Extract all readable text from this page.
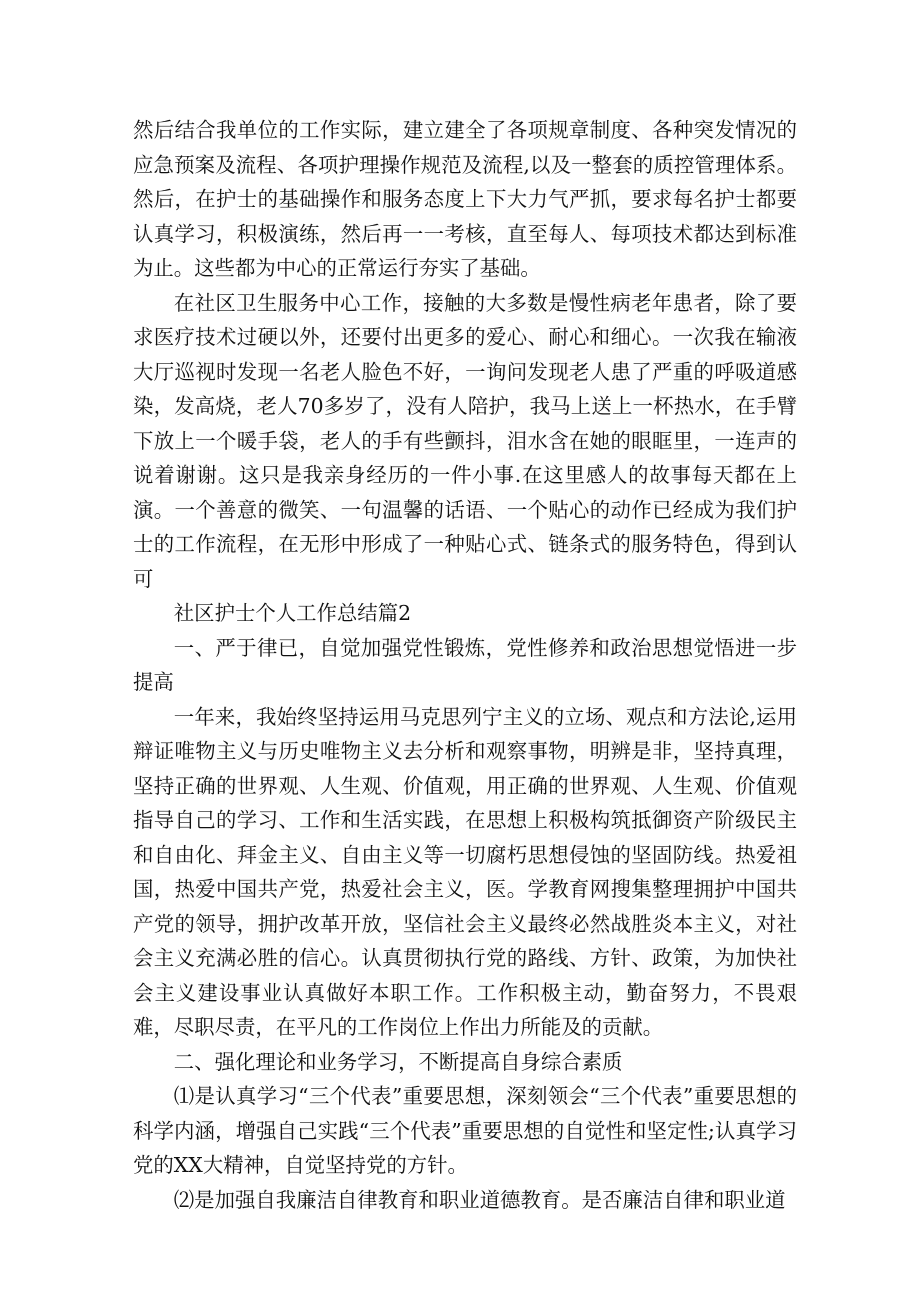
然后结合我单位的工作实际，建立建全了各项规章制度、各种突发情况的应急预案及流程、各项护理操作规范及流程,以及一整套的质控管理体系。然后，在护士的基础操作和服务态度上下大力气严抓，要求每名护士都要认真学习，积极演练，然后再一一考核，直至每人、每项技术都达到标准为止。这些都为中心的正常运行夯实了基础。

在社区卫生服务中心工作，接触的大多数是慢性病老年患者，除了要求医疗技术过硬以外，还要付出更多的爱心、耐心和细心。一次我在输液大厅巡视时发现一名老人脸色不好，一询问发现老人患了严重的呼吸道感染，发高烧，老人70多岁了，没有人陪护，我马上送上一杯热水，在手臂下放上一个暖手袋，老人的手有些颤抖，泪水含在她的眼眶里，一连声的说着谢谢。这只是我亲身经历的一件小事.在这里感人的故事每天都在上演。一个善意的微笑、一句温馨的话语、一个贴心的动作已经成为我们护士的工作流程，在无形中形成了一种贴心式、链条式的服务特色，得到认可

社区护士个人工作总结篇2

一、严于律已，自觉加强党性锻炼，党性修养和政治思想觉悟进一步提高

一年来，我始终坚持运用马克思列宁主义的立场、观点和方法论,运用辩证唯物主义与历史唯物主义去分析和观察事物，明辨是非，坚持真理，坚持正确的世界观、人生观、价值观，用正确的世界观、人生观、价值观指导自己的学习、工作和生活实践，在思想上积极构筑抵御资产阶级民主和自由化、拜金主义、自由主义等一切腐朽思想侵蚀的坚固防线。热爱祖国，热爱中国共产党，热爱社会主义，医。学教育网搜集整理拥护中国共产党的领导，拥护改革开放，坚信社会主义最终必然战胜炎本主义，对社会主义充满必胜的信心。认真贯彻执行党的路线、方针、政策，为加快社会主义建设事业认真做好本职工作。工作积极主动，勤奋努力，不畏艰难，尽职尽责，在平凡的工作岗位上作出力所能及的贡献。

二、强化理论和业务学习，不断提高自身综合素质

⑴是认真学习“三个代表”重要思想，深刻领会“三个代表”重要思想的科学内涵，增强自己实践“三个代表”重要思想的自觉性和坚定性;认真学习党的XX大精神，自觉坚持党的方针。

⑵是加强自我廉洁自律教育和职业道德教育。是否廉洁自律和职业道
